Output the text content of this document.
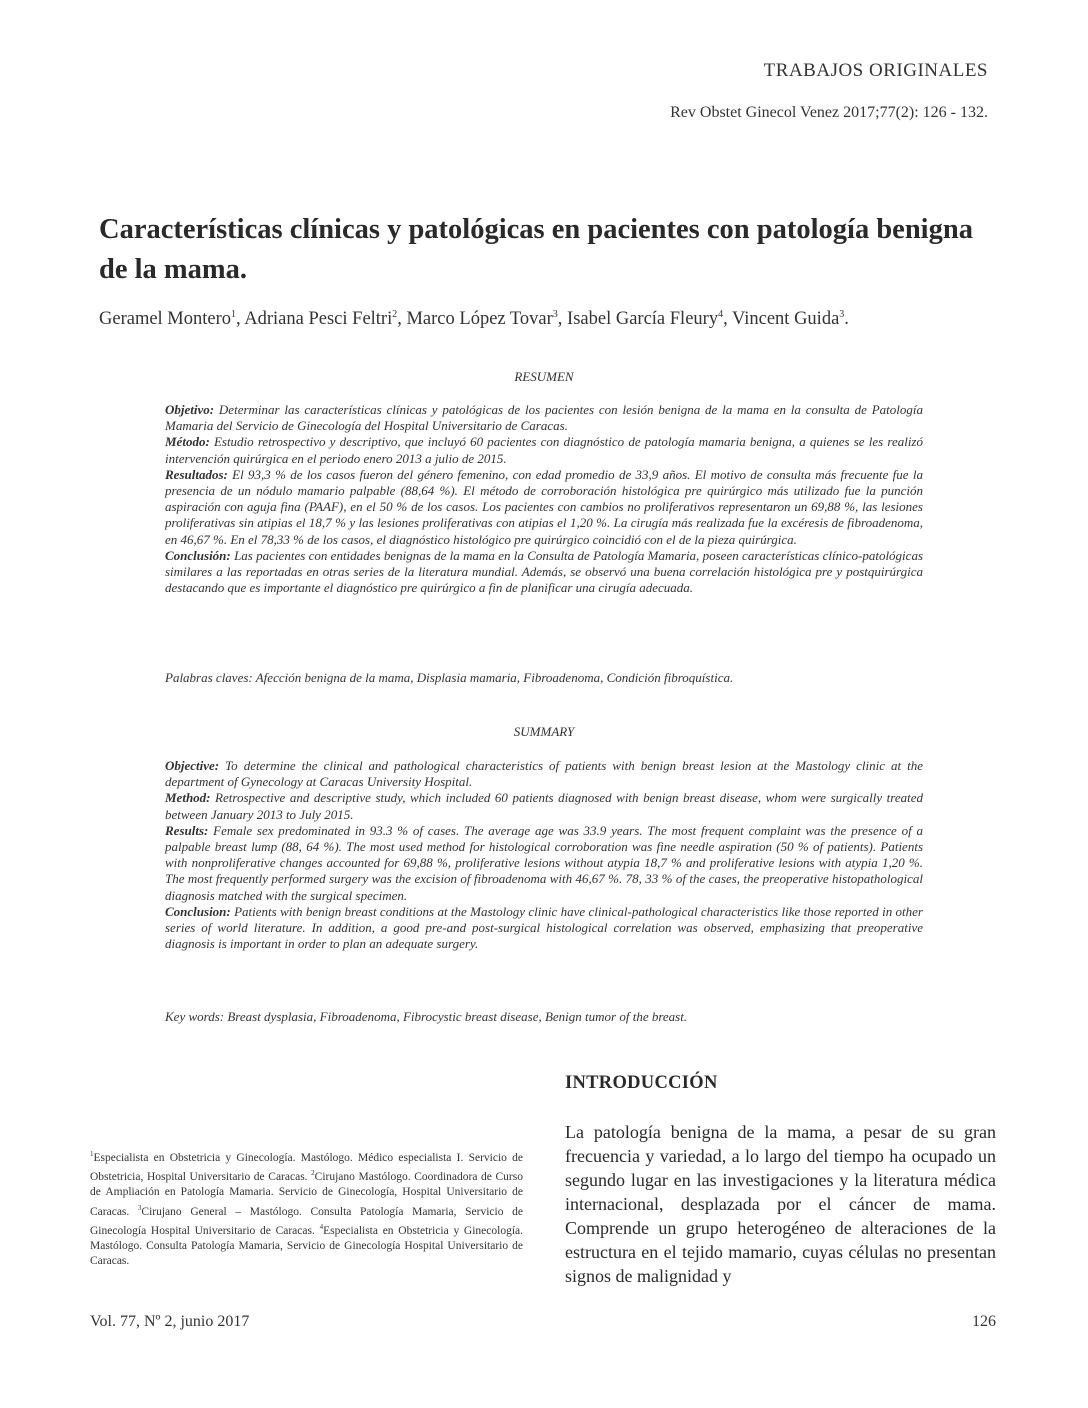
TRABAJOS ORIGINALES
Rev Obstet Ginecol Venez 2017;77(2): 126 - 132.
Características clínicas y patológicas en pacientes con patología benigna de la mama.
Geramel Montero$^1$, Adriana Pesci Feltri$^2$, Marco López Tovar$^3$, Isabel García Fleury$^4$, Vincent Guida$^3$.
RESUMEN

Objetivo: Determinar las características clínicas y patológicas de los pacientes con lesión benigna de la mama en la consulta de Patología Mamaria del Servicio de Ginecología del Hospital Universitario de Caracas.

Método: Estudio retrospectivo y descriptivo, que incluyó 60 pacientes con diagnóstico de patología mamaria benigna, a quienes se les realizó intervención quirúrgica en el periodo enero 2013 a julio de 2015.

Resultados: El 93,3 % de los casos fueron del género femenino, con edad promedio de 33,9 años. El motivo de consulta más frecuente fue la presencia de un nódulo mamario palpable (88,64 %). El método de corroboración histológica pre quirúrgico más utilizado fue la punción aspiración con aguja fina (PAAF), en el 50 % de los casos. Los pacientes con cambios no proliferativos representaron un 69,88 %, las lesiones proliferativas sin atipias el 18,7 % y las lesiones proliferativas con atipias el 1,20 %. La cirugía más realizada fue la excéresis de fibroadenoma, en 46,67 %. En el 78,33 % de los casos, el diagnóstico histológico pre quirúrgico coincidió con el de la pieza quirúrgica.

Conclusión: Las pacientes con entidades benignas de la mama en la Consulta de Patología Mamaria, poseen características clínico-patológicas similares a las reportadas en otras series de la literatura mundial. Además, se observó una buena correlación histológica pre y postquirúrgica destacando que es importante el diagnóstico pre quirúrgico a fin de planificar una cirugía adecuada.

Palabras claves: Afección benigna de la mama, Displasia mamaria, Fibroadenoma, Condición fibroquística.
SUMMARY

Objective: To determine the clinical and pathological characteristics of patients with benign breast lesion at the Mastology clinic at the department of Gynecology at Caracas University Hospital.

Method: Retrospective and descriptive study, which included 60 patients diagnosed with benign breast disease, whom were surgically treated between January 2013 to July 2015.

Results: Female sex predominated in 93.3 % of cases. The average age was 33.9 years. The most frequent complaint was the presence of a palpable breast lump (88, 64 %). The most used method for histological corroboration was fine needle aspiration (50 % of patients). Patients with nonproliferative changes accounted for 69,88 %, proliferative lesions without atypia 18,7 % and proliferative lesions with atypia 1,20 %. The most frequently performed surgery was the excision of fibroadenoma with 46,67 %. 78, 33 % of the cases, the preoperative histopathological diagnosis matched with the surgical specimen.

Conclusion: Patients with benign breast conditions at the Mastology clinic have clinical-pathological characteristics like those reported in other series of world literature. In addition, a good pre-and post-surgical histological correlation was observed, emphasizing that preoperative diagnosis is important in order to plan an adequate surgery.

Key words: Breast dysplasia, Fibroadenoma, Fibrocystic breast disease, Benign tumor of the breast.
INTRODUCCIÓN
La patología benigna de la mama, a pesar de su gran frecuencia y variedad, a lo largo del tiempo ha ocupado un segundo lugar en las investigaciones y la literatura médica internacional, desplazada por el cáncer de mama. Comprende un grupo heterogéneo de alteraciones de la estructura en el tejido mamario, cuyas células no presentan signos de malignidad y
$^1$Especialista en Obstetricia y Ginecología. Mastólogo. Médico especialista I. Servicio de Obstetricia, Hospital Universitario de Caracas. $^2$Cirujano Mastólogo. Coordinadora de Curso de Ampliación en Patología Mamaria. Servicio de Ginecología, Hospital Universitario de Caracas. $^3$Cirujano General – Mastólogo. Consulta Patología Mamaria, Servicio de Ginecología Hospital Universitario de Caracas. $^4$Especialista en Obstetricia y Ginecología. Mastólogo. Consulta Patología Mamaria, Servicio de Ginecología Hospital Universitario de Caracas.
Vol. 77, Nº 2, junio 2017	126
